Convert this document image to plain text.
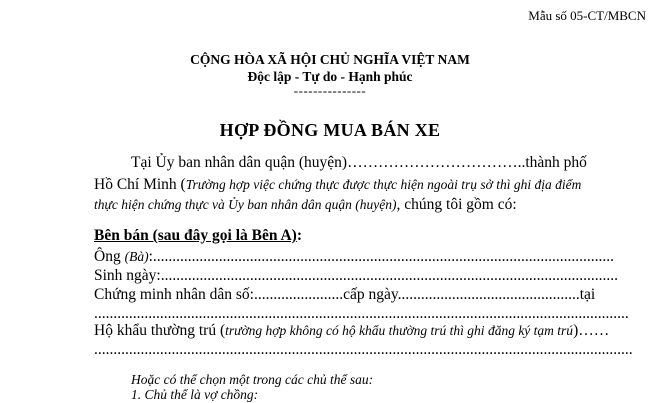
Mẫu số 05-CT/MBCN
CỘNG HÒA XÃ HỘI CHỦ NGHĨA VIỆT NAM
Độc lập - Tự do - Hạnh phúc
---------------
HỢP ĐỒNG MUA BÁN XE
Tại Ủy ban nhân dân quận (huyện)……………………………..thành phố
Hồ Chí Minh (Trường hợp việc chứng thực được thực hiện ngoài trụ sở thì ghi địa điểm
thực hiện chứng thực và Ủy ban nhân dân quận (huyện), chúng tôi gồm có:
Bên bán (sau đây gọi là Bên A):
Ông (Bà):.......................................................................................................................
Sinh ngày:......................................................................................................................
Chứng minh nhân dân số:.......................cấp ngày...............................................tại
..........................................................................................................................................
Hộ khẩu thường trú (trường hợp không có hộ khẩu thường trú thì ghi đăng ký tạm trú)……
...........................................................................................................................................
Hoặc có thể chọn một trong các chủ thể sau:
1. Chủ thể là vợ chồng:
